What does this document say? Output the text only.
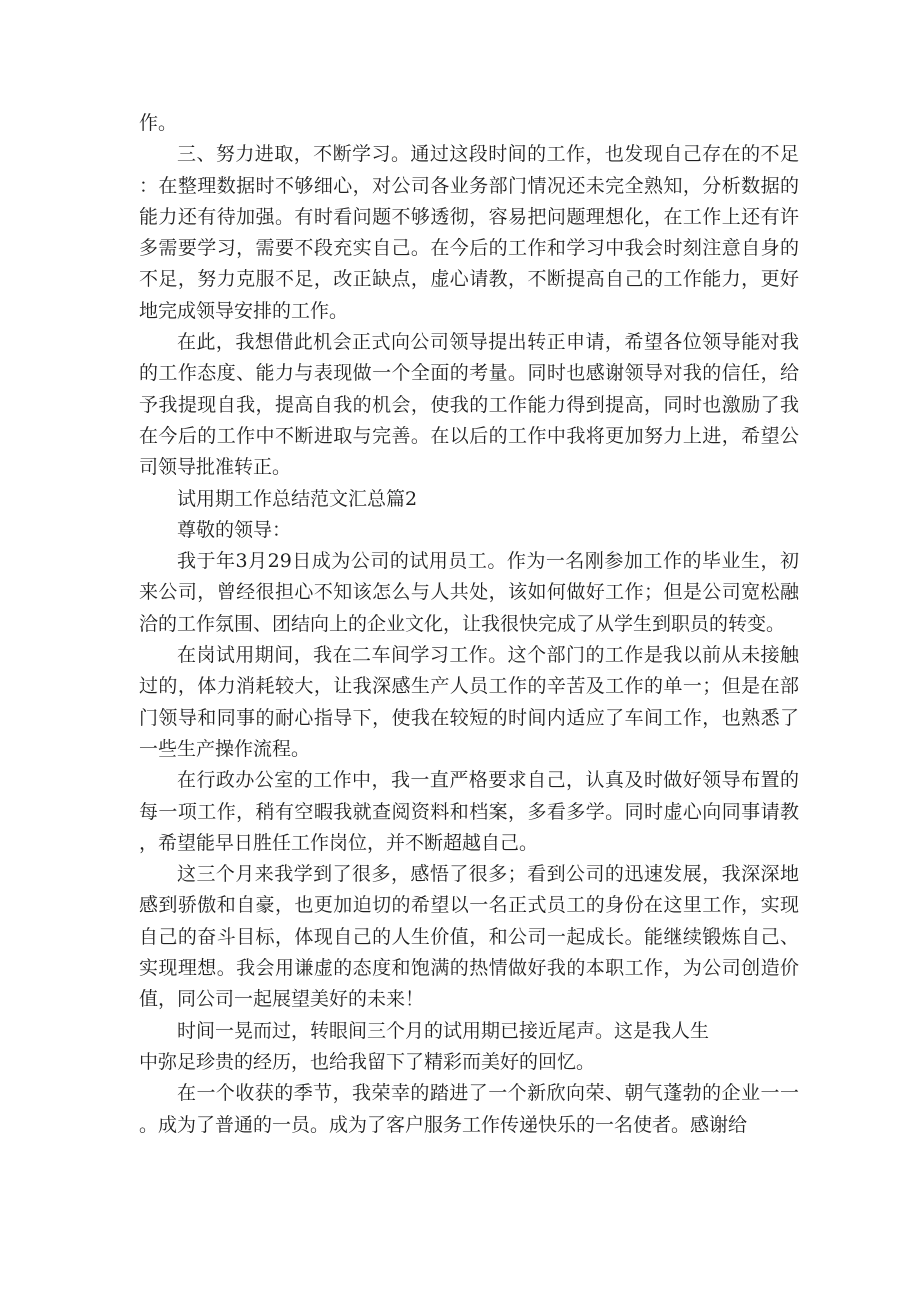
作。

三、努力进取，不断学习。通过这段时间的工作，也发现自己存在的不足：在整理数据时不够细心，对公司各业务部门情况还未完全熟知，分析数据的能力还有待加强。有时看问题不够透彻，容易把问题理想化，在工作上还有许多需要学习，需要不段充实自己。在今后的工作和学习中我会时刻注意自身的不足，努力克服不足，改正缺点，虚心请教，不断提高自己的工作能力，更好地完成领导安排的工作。

在此，我想借此机会正式向公司领导提出转正申请，希望各位领导能对我的工作态度、能力与表现做一个全面的考量。同时也感谢领导对我的信任，给予我提现自我，提高自我的机会，使我的工作能力得到提高，同时也激励了我在今后的工作中不断进取与完善。在以后的工作中我将更加努力上进，希望公司领导批准转正。

试用期工作总结范文汇总篇2

尊敬的领导：

我于年3月29日成为公司的试用员工。作为一名刚参加工作的毕业生，初来公司，曾经很担心不知该怎么与人共处，该如何做好工作；但是公司宽松融洽的工作氛围、团结向上的企业文化，让我很快完成了从学生到职员的转变。

在岗试用期间，我在二车间学习工作。这个部门的工作是我以前从未接触过的，体力消耗较大，让我深感生产人员工作的辛苦及工作的单一；但是在部门领导和同事的耐心指导下，使我在较短的时间内适应了车间工作，也熟悉了一些生产操作流程。

在行政办公室的工作中，我一直严格要求自己，认真及时做好领导布置的每一项工作，稍有空暇我就查阅资料和档案，多看多学。同时虚心向同事请教，希望能早日胜任工作岗位，并不断超越自己。

这三个月来我学到了很多，感悟了很多；看到公司的迅速发展，我深深地感到骄傲和自豪，也更加迫切的希望以一名正式员工的身份在这里工作，实现自己的奋斗目标，体现自己的人生价值，和公司一起成长。能继续锻炼自己、实现理想。我会用谦虚的态度和饱满的热情做好我的本职工作，为公司创造价值，同公司一起展望美好的未来！

时间一晃而过，转眼间三个月的试用期已接近尾声。这是我人生

中弥足珍贵的经历，也给我留下了精彩而美好的回忆。

在一个收获的季节，我荣幸的踏进了一个新欣向荣、朝气蓬勃的企业一一。成为了普通的一员。成为了客户服务工作传递快乐的一名使者。感谢给
